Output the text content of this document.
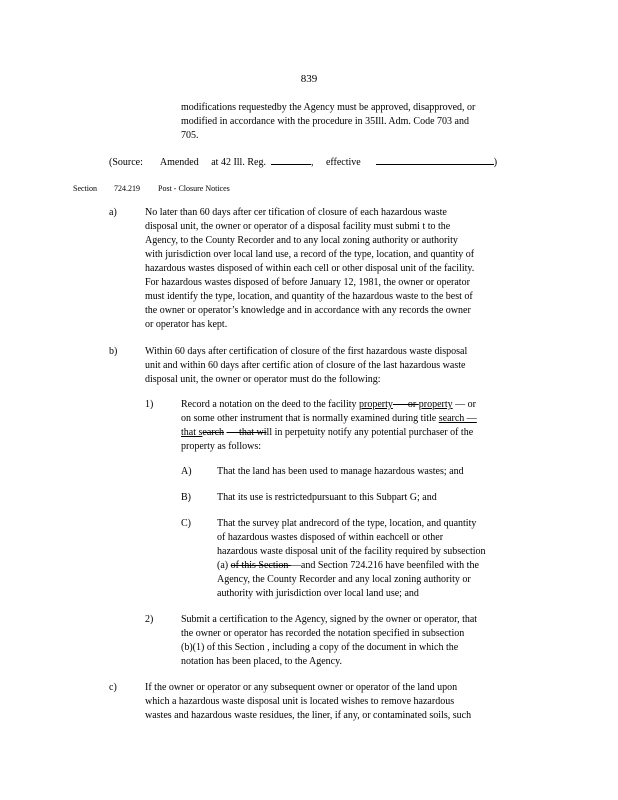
839
modifications requestedby the Agency must be approved, disapproved, or
modified in accordance with the procedure in 35Ill. Adm. Code 703 and
705.
(Source: Amended at 42 Ill. Reg.	, effective	)
Section 724.219 Post - Closure Notices
a)	No later than 60 days after cer tification of closure of each hazardous waste
disposal unit, the owner or operator of a disposal facility must submi t to the
Agency, to the County Recorder and to any local zoning authority or authority
with jurisdiction over local land use, a record of the type, location, and quantity of
hazardous wastes disposed of within each cell or other disposal unit of the facility.
For hazardous wastes disposed of before January 12, 1981, the owner or operator
must identify the type, location, and quantity of the hazardous waste to the best of
the owner or operator’s knowledge and in accordance with any records the owner
or operator has kept.
b)	Within 60 days after certification of closure of the first hazardous waste disposal
unit and within 60 days after certific ation of closure of the last hazardous waste
disposal unit, the owner or operator must do the following:
1)	Record a notation on the deed to the facility property — or property — or
on some other instrument that is normally examined during title search —
that search — that will in perpetuity notify any potential purchaser of the
property as follows:
A)	That the land has been used to manage hazardous wastes; and
B)	That its use is restrictedpursuant to this Subpart G; and
C)	That the survey plat andrecord of the type, location, and quantity
of hazardous wastes disposed of within eachcell or other
hazardous waste disposal unit of the facility required by subsection
(a) of this Section —and Section 724.216 have beenfiled with the
Agency, the County Recorder and any local zoning authority or
authority with jurisdiction over local land use; and
2)	Submit a certification to the Agency, signed by the owner or operator, that
the owner or operator has recorded the notation specified in subsection
(b)(1) of this Section , including a copy of the document in which the
notation has been placed, to the Agency.
c)	If the owner or operator or any subsequent owner or operator of the land upon
which a hazardous waste disposal unit is located wishes to remove hazardous
wastes and hazardous waste residues, the liner, if any, or contaminated soils, such
